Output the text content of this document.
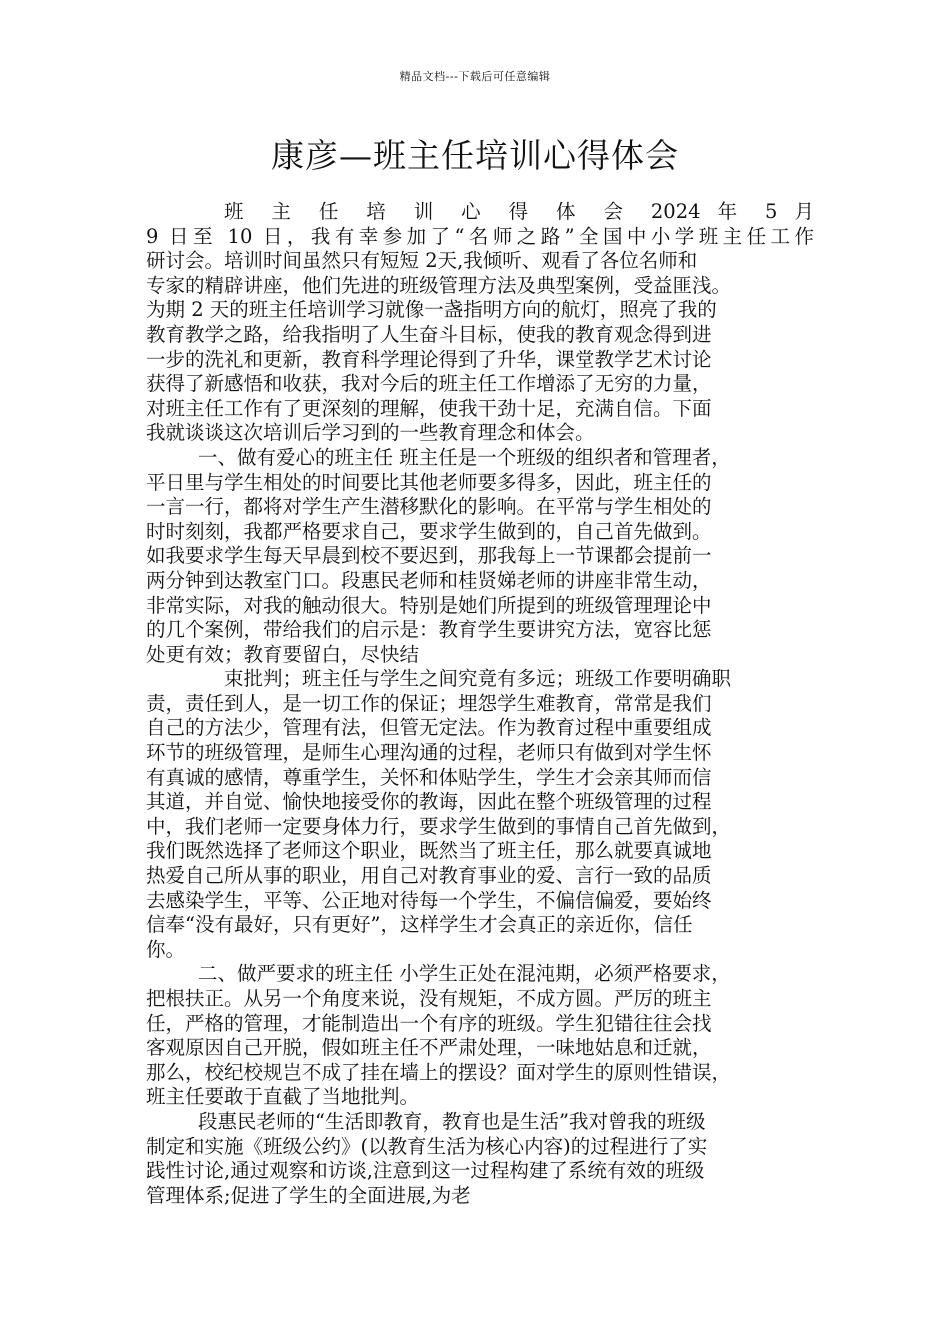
精品文档---下载后可任意编辑
康彦—班主任培训心得体会
班 主 任 培 训 心 得 体 会 2024 年 5 月
9 日至 10 日，我有幸参加了“名师之路”全国中小学班主任工作
研讨会。培训时间虽然只有短短 2天,我倾听、观看了各位名师和
专家的精辟讲座，他们先进的班级管理方法及典型案例，受益匪浅。
为期 2 天的班主任培训学习就像一盏指明方向的航灯，照亮了我的
教育教学之路，给我指明了人生奋斗目标，使我的教育观念得到进
一步的洗礼和更新，教育科学理论得到了升华，课堂教学艺术讨论
获得了新感悟和收获，我对今后的班主任工作增添了无穷的力量，
对班主任工作有了更深刻的理解，使我干劲十足，充满自信。下面
我就谈谈这次培训后学习到的一些教育理念和体会。
一、做有爱心的班主任 班主任是一个班级的组织者和管理者，
平日里与学生相处的时间要比其他老师要多得多，因此，班主任的
一言一行，都将对学生产生潜移默化的影响。在平常与学生相处的
时时刻刻，我都严格要求自己，要求学生做到的，自己首先做到。
如我要求学生每天早晨到校不要迟到，那我每上一节课都会提前一
两分钟到达教室门口。段惠民老师和桂贤娣老师的讲座非常生动，
非常实际，对我的触动很大。特别是她们所提到的班级管理理论中
的几个案例，带给我们的启示是：教育学生要讲究方法，宽容比惩
处更有效；教育要留白，尽快结
束批判；班主任与学生之间究竟有多远；班级工作要明确职
责，责任到人，是一切工作的保证；埋怨学生难教育，常常是我们
自己的方法少，管理有法，但管无定法。作为教育过程中重要组成
环节的班级管理，是师生心理沟通的过程，老师只有做到对学生怀
有真诚的感情，尊重学生，关怀和体贴学生，学生才会亲其师而信
其道，并自觉、愉快地接受你的教诲，因此在整个班级管理的过程
中，我们老师一定要身体力行，要求学生做到的事情自己首先做到，
我们既然选择了老师这个职业，既然当了班主任，那么就要真诚地
热爱自己所从事的职业，用自己对教育事业的爱、言行一致的品质
去感染学生，平等、公正地对待每一个学生，不偏信偏爱，要始终
信奉“没有最好，只有更好”，这样学生才会真正的亲近你，信任
你。
二、做严要求的班主任 小学生正处在混沌期，必须严格要求，
把根扶正。从另一个角度来说，没有规矩，不成方圆。严厉的班主
任，严格的管理，才能制造出一个有序的班级。学生犯错往往会找
客观原因自己开脱，假如班主任不严肃处理，一味地姑息和迁就，
那么，校纪校规岂不成了挂在墙上的摆设？面对学生的原则性错误，
班主任要敢于直截了当地批判。
段惠民老师的“生活即教育，教育也是生活”我对曾我的班级
制定和实施《班级公约》(以教育生活为核心内容)的过程进行了实
践性讨论,通过观察和访谈,注意到这一过程构建了系统有效的班级
管理体系;促进了学生的全面进展,为老
